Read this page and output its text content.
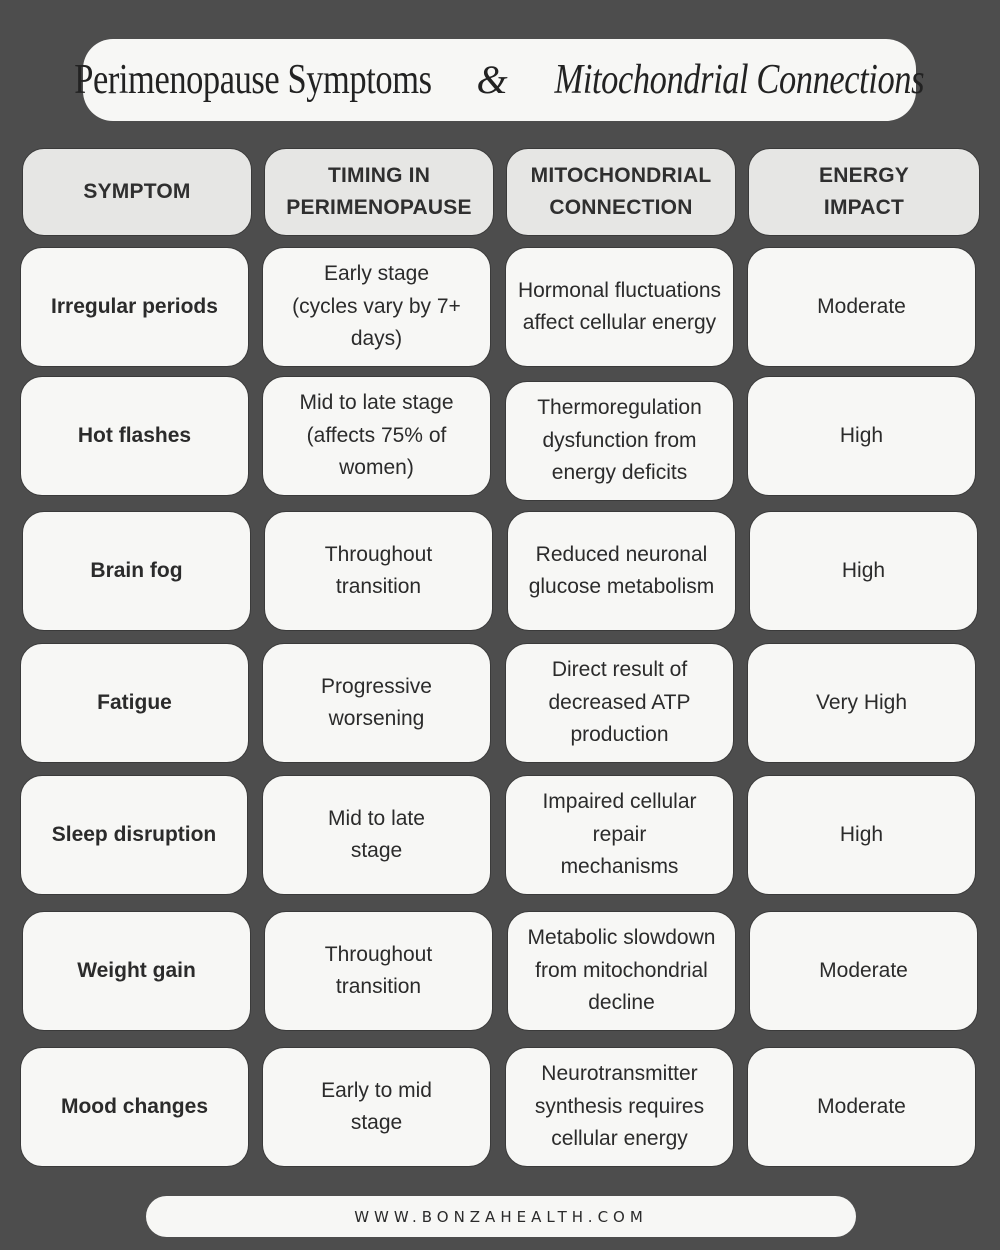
Perimenopause Symptoms & Mitochondrial Connections
SYMPTOM
TIMING IN PERIMENOPAUSE
MITOCHONDRIAL CONNECTION
ENERGY IMPACT
Irregular periods
Early stage (cycles vary by 7+ days)
Hormonal fluctuations affect cellular energy
Moderate
Hot flashes
Mid to late stage (affects 75% of women)
Thermoregulation dysfunction from energy deficits
High
Brain fog
Throughout transition
Reduced neuronal glucose metabolism
High
Fatigue
Progressive worsening
Direct result of decreased ATP production
Very High
Sleep disruption
Mid to late stage
Impaired cellular repair mechanisms
High
Weight gain
Throughout transition
Metabolic slowdown from mitochondrial decline
Moderate
Mood changes
Early to mid stage
Neurotransmitter synthesis requires cellular energy
Moderate
WWW.BONZAHEALTH.COM
